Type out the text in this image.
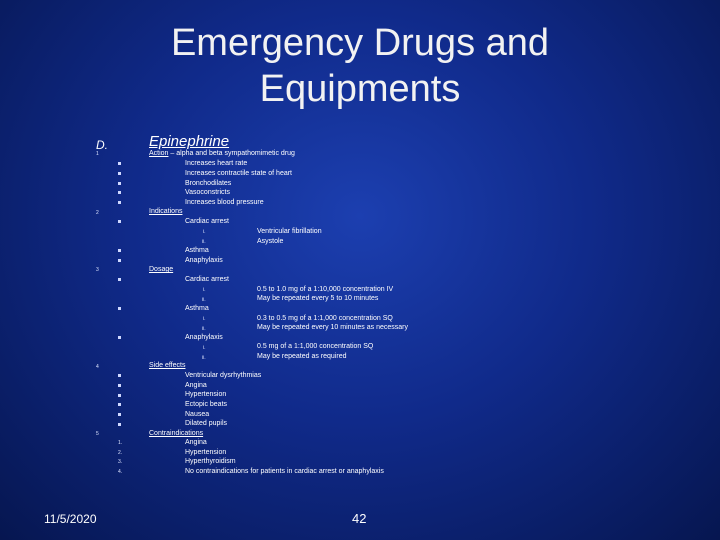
Emergency Drugs and
Equipments
D.	Epinephrine
1	Action – alpha and beta sympathomimetic drug
Increases heart rate
Increases contractile state of heart
Bronchodilates
Vasoconstricts
Increases blood pressure
2	Indications
Cardiac arrest
i.	Ventricular fibrillation
ii.	Asystole
Asthma
Anaphylaxis
3	Dosage
Cardiac arrest
i.	0.5 to 1.0 mg of a 1:10,000 concentration IV
ii.	May be repeated every 5 to 10 minutes
Asthma
i.	0.3 to 0.5 mg of a 1:1,000 concentration SQ
ii.	May be repeated every 10 minutes as necessary
Anaphylaxis
i.	0.5 mg of a 1:1,000 concentration SQ
ii.	May be repeated as required
4	Side effects
Ventricular dysrhythmias
Angina
Hypertension
Ectopic beats
Nausea
Dilated pupils
5	Contraindications
1.	Angina
2.	Hypertension
3.	Hyperthyroidism
4.	No contraindications for patients in cardiac arrest or anaphylaxis
11/5/2020	42
